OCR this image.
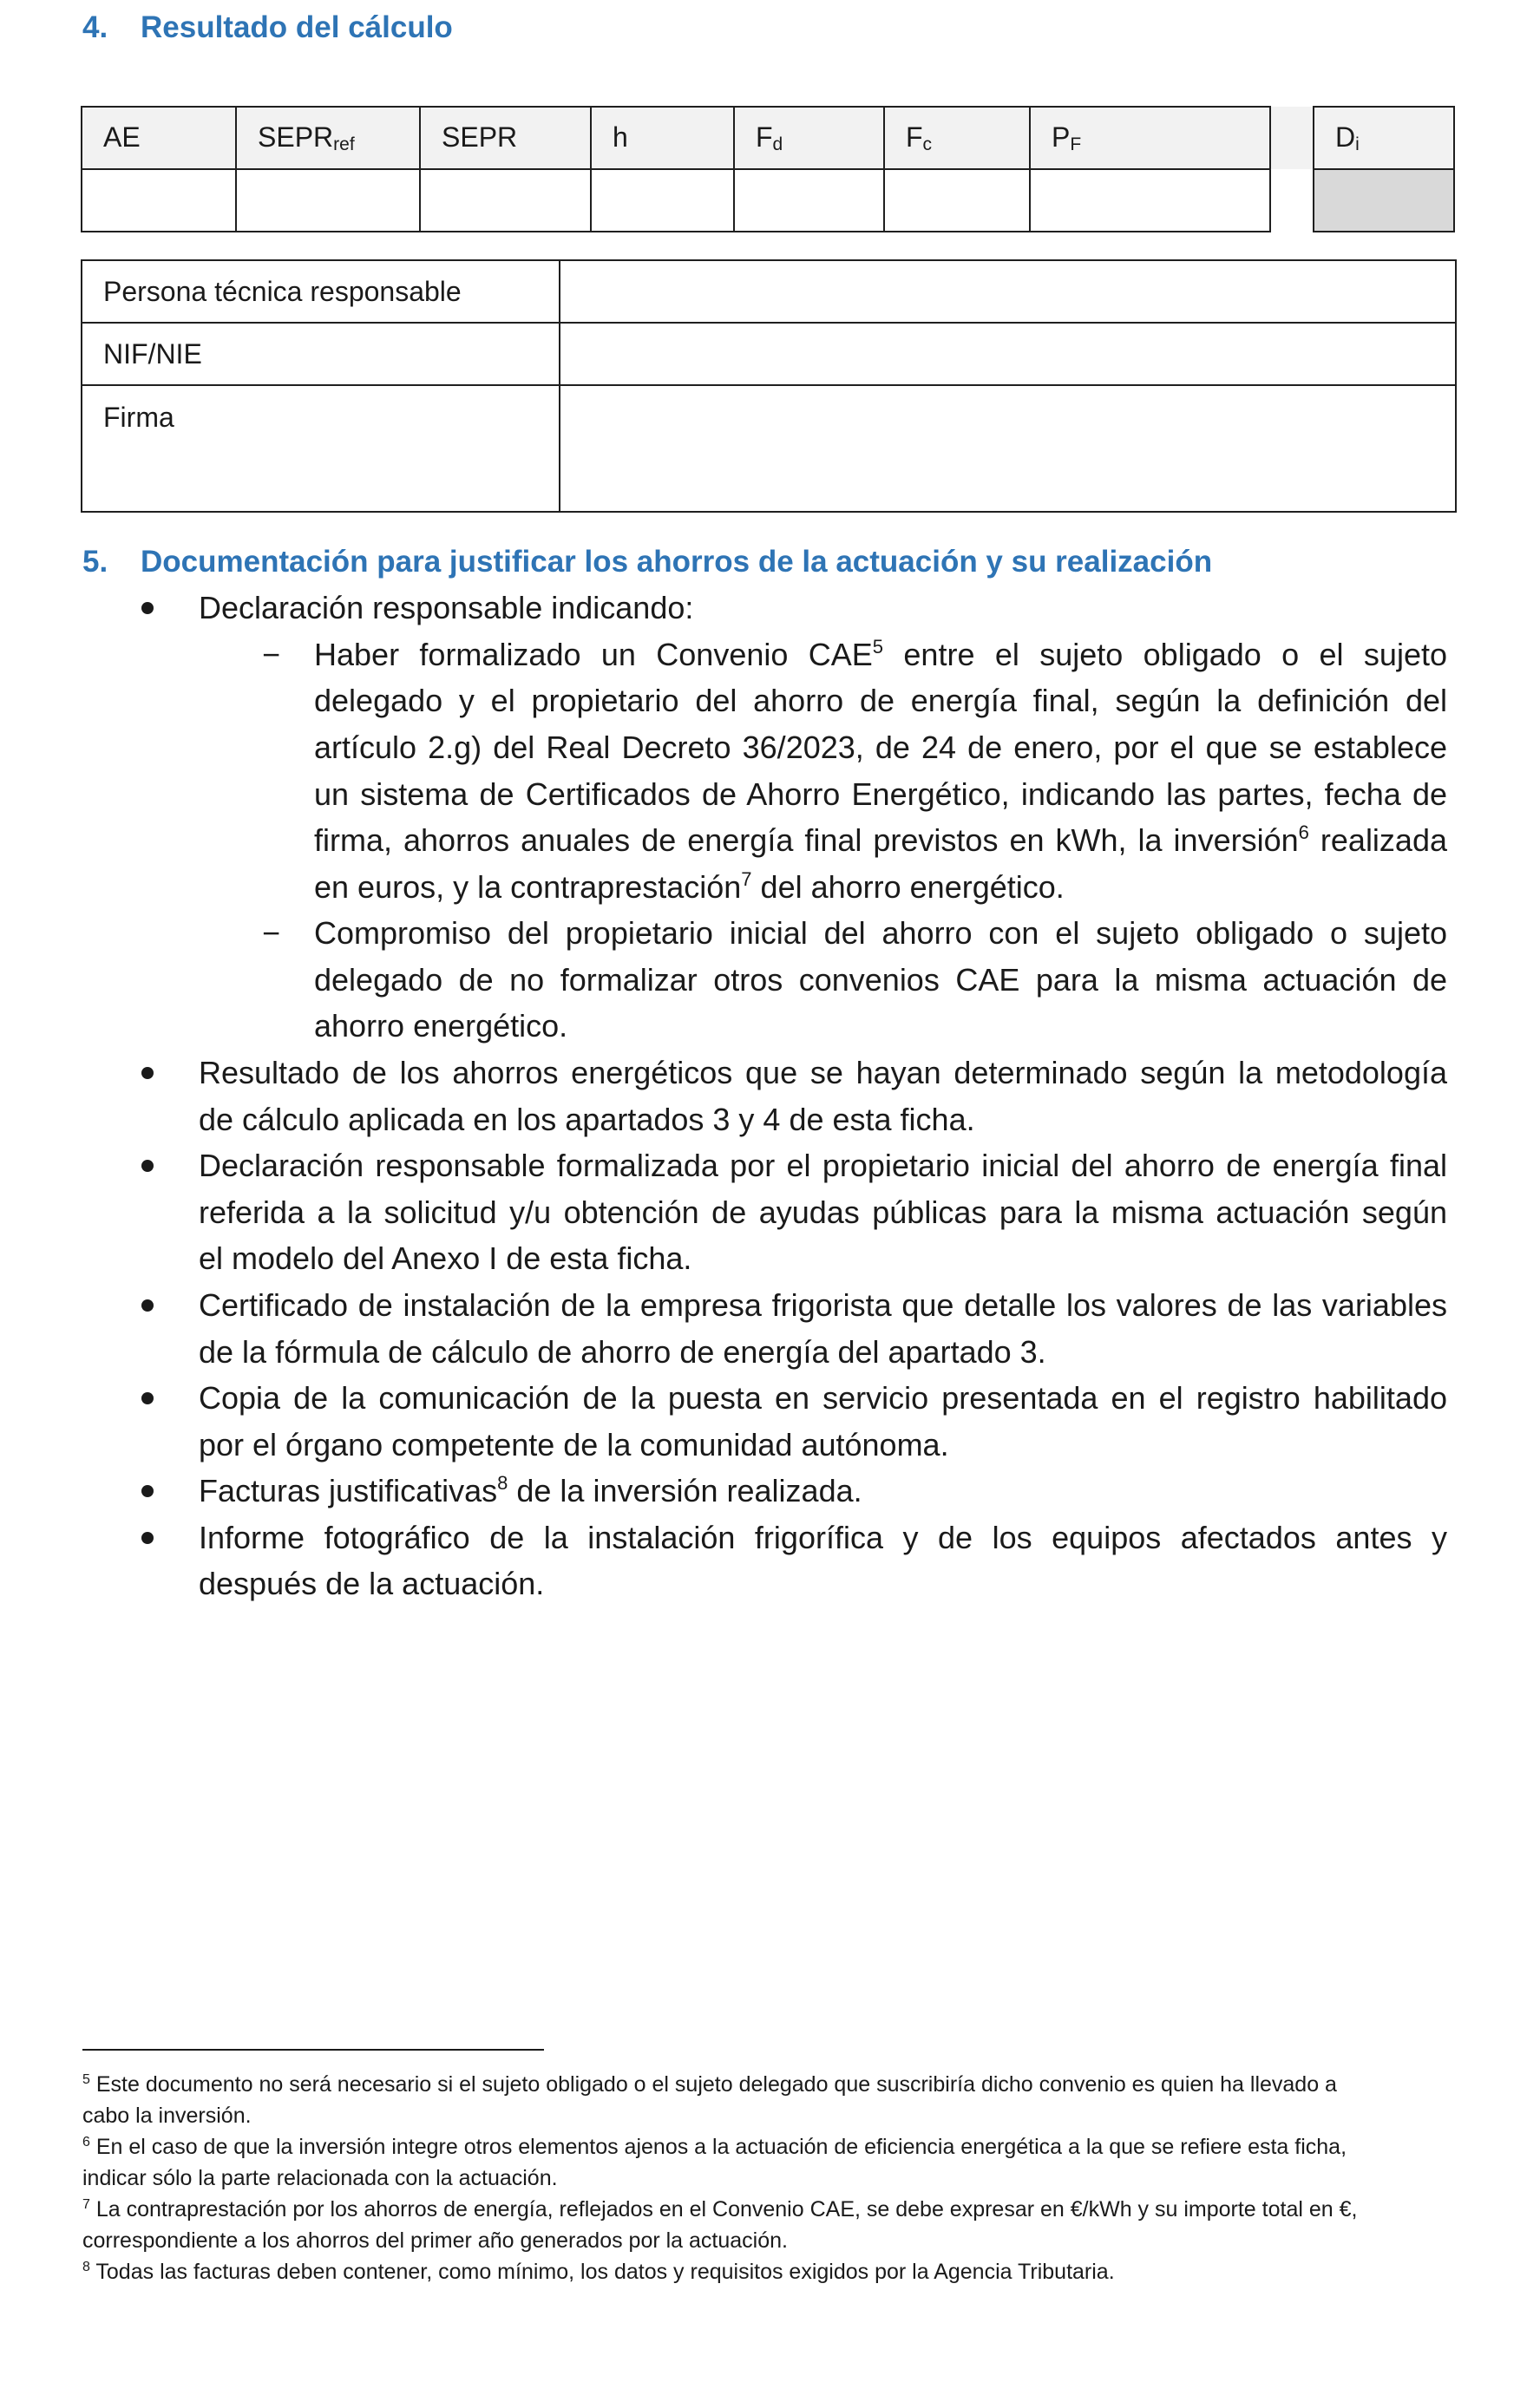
4. Resultado del cálculo
AE	$SEPR_{ref}$	SEPR	h	$F_d$	$F_c$	$P_F$		$D_i$

Persona técnica responsable	
NIF/NIE	
Firma	
5. Documentación para justificar los ahorros de la actuación y su realización
Declaración responsable indicando:
− Haber formalizado un Convenio CAE$^5$ entre el sujeto obligado o el sujeto
delegado y el propietario del ahorro de energía final, según la definición del
artículo 2.g) del Real Decreto 36/2023, de 24 de enero, por el que se establece
un sistema de Certificados de Ahorro Energético, indicando las partes, fecha de
firma, ahorros anuales de energía final previstos en kWh, la inversión$^6$ realizada
en euros, y la contraprestación$^7$ del ahorro energético.
− Compromiso del propietario inicial del ahorro con el sujeto obligado o sujeto
delegado de no formalizar otros convenios CAE para la misma actuación de
ahorro energético.
Resultado de los ahorros energéticos que se hayan determinado según la metodología
de cálculo aplicada en los apartados 3 y 4 de esta ficha.
Declaración responsable formalizada por el propietario inicial del ahorro de energía final
referida a la solicitud y/u obtención de ayudas públicas para la misma actuación según
el modelo del Anexo I de esta ficha.
Certificado de instalación de la empresa frigorista que detalle los valores de las variables
de la fórmula de cálculo de ahorro de energía del apartado 3.
Copia de la comunicación de la puesta en servicio presentada en el registro habilitado
por el órgano competente de la comunidad autónoma.
Facturas justificativas$^8$ de la inversión realizada.
Informe fotográfico de la instalación frigorífica y de los equipos afectados antes y
después de la actuación.
$^5$ Este documento no será necesario si el sujeto obligado o el sujeto delegado que suscribiría dicho convenio es quien ha llevado a
cabo la inversión.
$^6$ En el caso de que la inversión integre otros elementos ajenos a la actuación de eficiencia energética a la que se refiere esta ficha,
indicar sólo la parte relacionada con la actuación.
$^7$ La contraprestación por los ahorros de energía, reflejados en el Convenio CAE, se debe expresar en €/kWh y su importe total en €,
correspondiente a los ahorros del primer año generados por la actuación.
$^8$ Todas las facturas deben contener, como mínimo, los datos y requisitos exigidos por la Agencia Tributaria.
